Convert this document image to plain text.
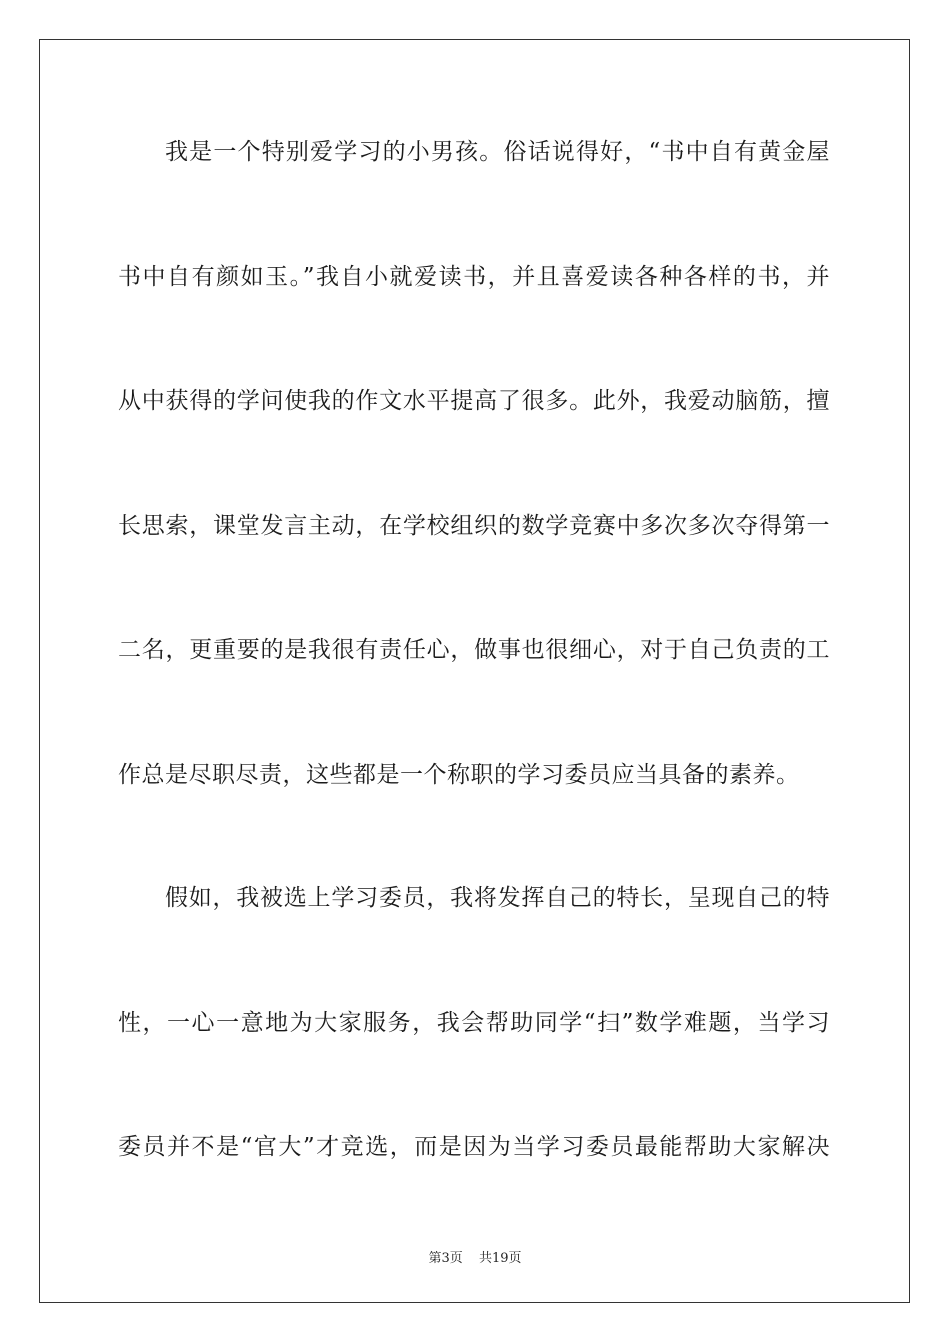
我是一个特别爱学习的小男孩。俗话说得好，“书中自有黄金屋

书中自有颜如玉。”我自小就爱读书，并且喜爱读各种各样的书，并

从中获得的学问使我的作文水平提高了很多。此外，我爱动脑筋，擅

长思索，课堂发言主动，在学校组织的数学竞赛中多次多次夺得第一

二名，更重要的是我很有责任心，做事也很细心，对于自己负责的工

作总是尽职尽责，这些都是一个称职的学习委员应当具备的素养。

假如，我被选上学习委员，我将发挥自己的特长，呈现自己的特

性，一心一意地为大家服务，我会帮助同学“扫”数学难题，当学习

委员并不是“官大”才竞选，而是因为当学习委员最能帮助大家解决

第3页 共19页
